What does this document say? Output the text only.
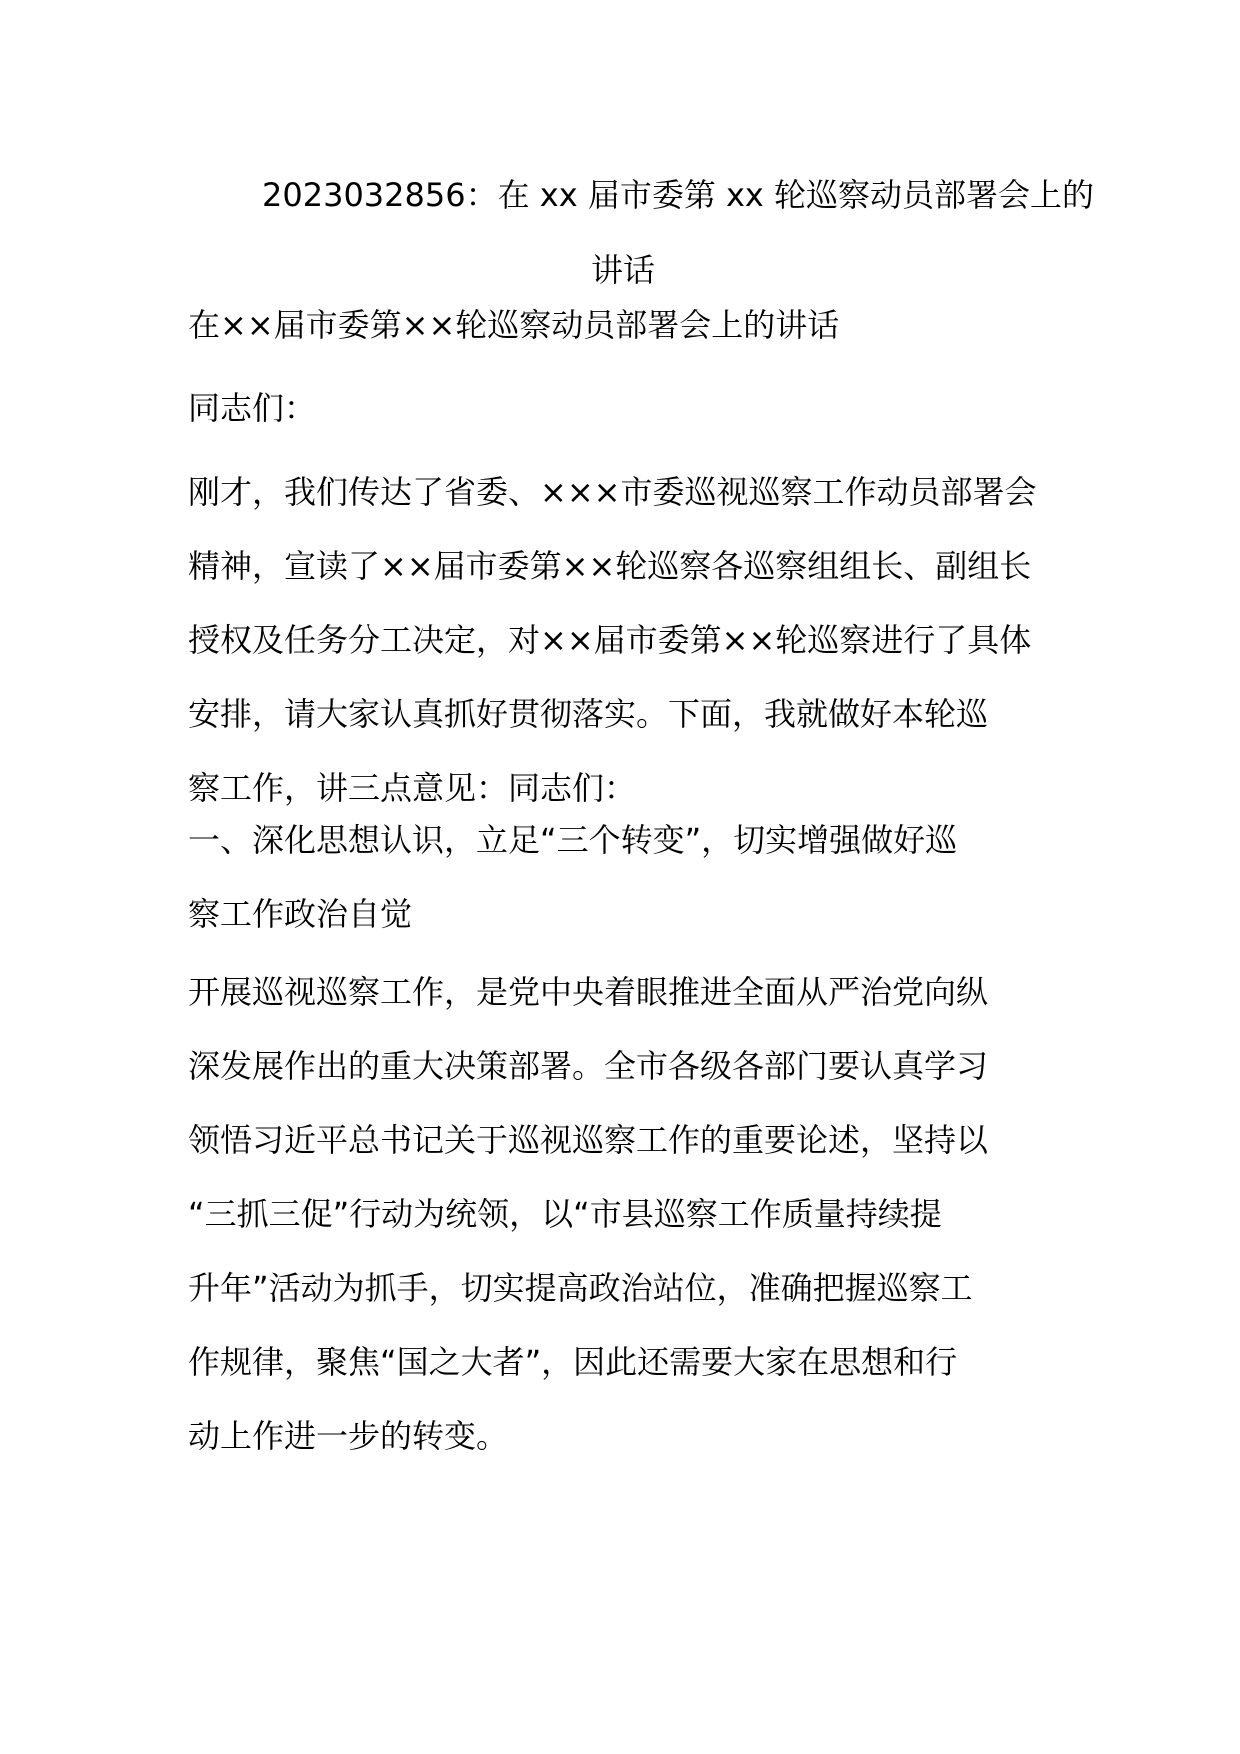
2023032856：在 xx 届市委第 xx 轮巡察动员部署会上的
讲话

在××届市委第××轮巡察动员部署会上的讲话

同志们：

刚才，我们传达了省委、×××市委巡视巡察工作动员部署会
精神，宣读了××届市委第××轮巡察各巡察组组长、副组长
授权及任务分工决定，对××届市委第××轮巡察进行了具体
安排，请大家认真抓好贯彻落实。下面，我就做好本轮巡
察工作，讲三点意见：同志们：
一、深化思想认识，立足“三个转变”，切实增强做好巡
察工作政治自觉
开展巡视巡察工作，是党中央着眼推进全面从严治党向纵
深发展作出的重大决策部署。全市各级各部门要认真学习
领悟习近平总书记关于巡视巡察工作的重要论述，坚持以
“三抓三促”行动为统领，以“市县巡察工作质量持续提
升年”活动为抓手，切实提高政治站位，准确把握巡察工
作规律，聚焦“国之大者”，因此还需要大家在思想和行
动上作进一步的转变。
